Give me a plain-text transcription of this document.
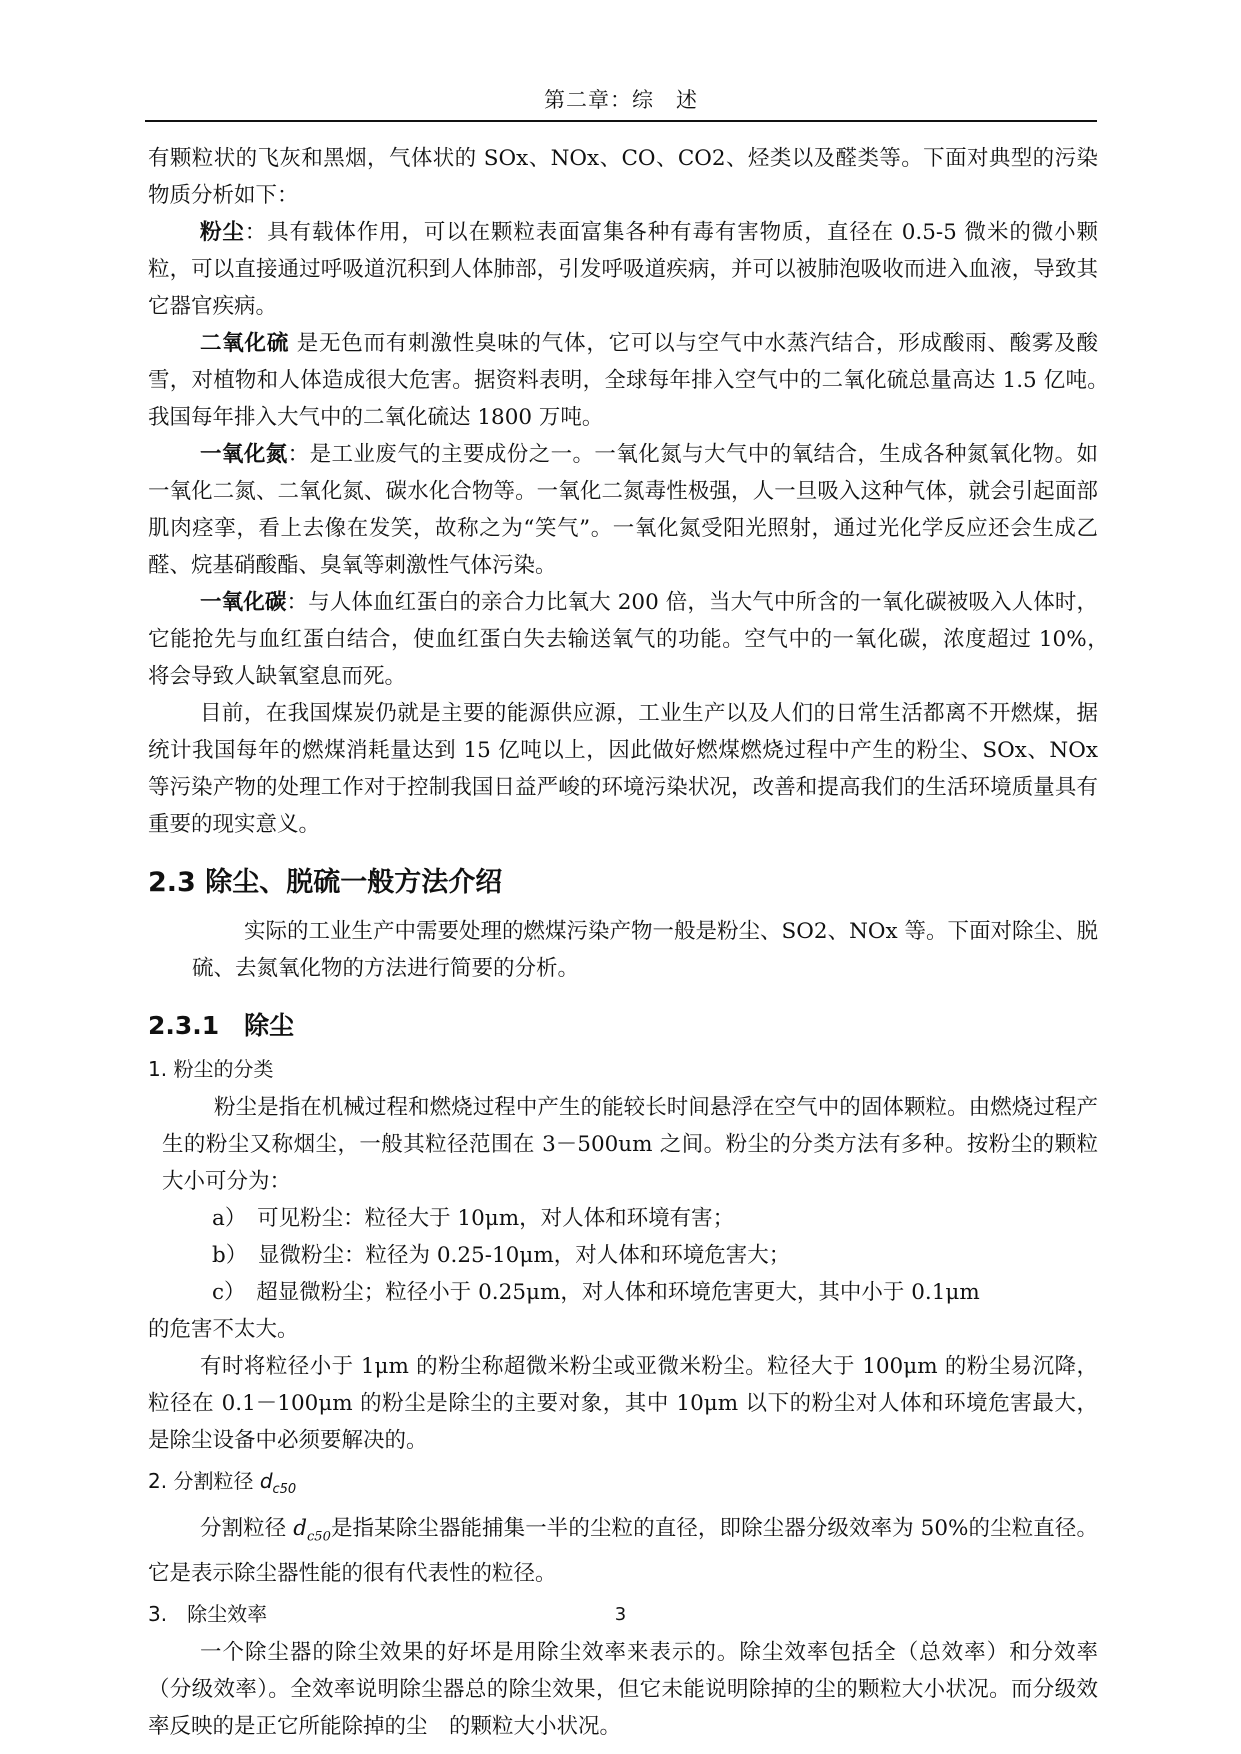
第二章：综　述

有颗粒状的飞灰和黑烟，气体状的 SOx、NOx、CO、CO2、烃类以及醛类等。下面对典型的污染物质分析如下：

粉尘：具有载体作用，可以在颗粒表面富集各种有毒有害物质，直径在 0.5-5 微米的微小颗粒，可以直接通过呼吸道沉积到人体肺部，引发呼吸道疾病，并可以被肺泡吸收而进入血液，导致其它器官疾病。

二氧化硫 是无色而有刺激性臭味的气体，它可以与空气中水蒸汽结合，形成酸雨、酸雾及酸雪，对植物和人体造成很大危害。据资料表明，全球每年排入空气中的二氧化硫总量高达 1.5 亿吨。　我国每年排入大气中的二氧化硫达 1800 万吨。

一氧化氮：是工业废气的主要成份之一。一氧化氮与大气中的氧结合，生成各种氮氧化物。如一氧化二氮、二氧化氮、碳水化合物等。一氧化二氮毒性极强，人一旦吸入这种气体，就会引起面部肌肉痉挛，看上去像在发笑，故称之为“笑气”。一氧化氮受阳光照射，通过光化学反应还会生成乙醛、烷基硝酸酯、臭氧等刺激性气体污染。

一氧化碳：与人体血红蛋白的亲合力比氧大 200 倍，当大气中所含的一氧化碳被吸入人体时，它能抢先与血红蛋白结合，使血红蛋白失去输送氧气的功能。空气中的一氧化碳，浓度超过 10%，　将会导致人缺氧窒息而死。

目前，在我国煤炭仍就是主要的能源供应源，工业生产以及人们的日常生活都离不开燃煤，据统计我国每年的燃煤消耗量达到 15 亿吨以上，因此做好燃煤燃烧过程中产生的粉尘、SOx、NOx 等污染产物的处理工作对于控制我国日益严峻的环境污染状况，改善和提高我们的生活环境质量具有重要的现实意义。

2.3 除尘、脱硫一般方法介绍

实际的工业生产中需要处理的燃煤污染产物一般是粉尘、SO2、NOx 等。下面对除尘、脱硫、去氮氧化物的方法进行简要的分析。

2.3.1　除尘
1. 粉尘的分类

粉尘是指在机械过程和燃烧过程中产生的能较长时间悬浮在空气中的固体颗粒。由燃烧过程产生的粉尘又称烟尘，一般其粒径范围在 3－500um 之间。粉尘的分类方法有多种。按粉尘的颗粒大小可分为：

a）　可见粉尘：粒径大于 10μm，对人体和环境有害；

b）　显微粉尘：粒径为 0.25-10μm，对人体和环境危害大；

c）　超显微粉尘；粒径小于 0.25μm，对人体和环境危害更大，其中小于 0.1μm

的危害不太大。

有时将粒径小于 1μm 的粉尘称超微米粉尘或亚微米粉尘。粒径大于 100μm 的粉尘易沉降，粒径在 0.1－100μm 的粉尘是除尘的主要对象，其中 10μm 以下的粉尘对人体和环境危害最大，是除尘设备中必须要解决的。

2. 分割粒径 $d_{c50}$

分割粒径 $d_{c50}$是指某除尘器能捕集一半的尘粒的直径，即除尘器分级效率为 50%的尘粒直径。它是表示除尘器性能的很有代表性的粒径。

3.　除尘效率

一个除尘器的除尘效果的好坏是用除尘效率来表示的。除尘效率包括全（总效率）和分效率（分级效率）。全效率说明除尘器总的除尘效果，但它未能说明除掉的尘的颗粒大小状况。而分级效率反映的是正它所能除掉的尘　的颗粒大小状况。

3
